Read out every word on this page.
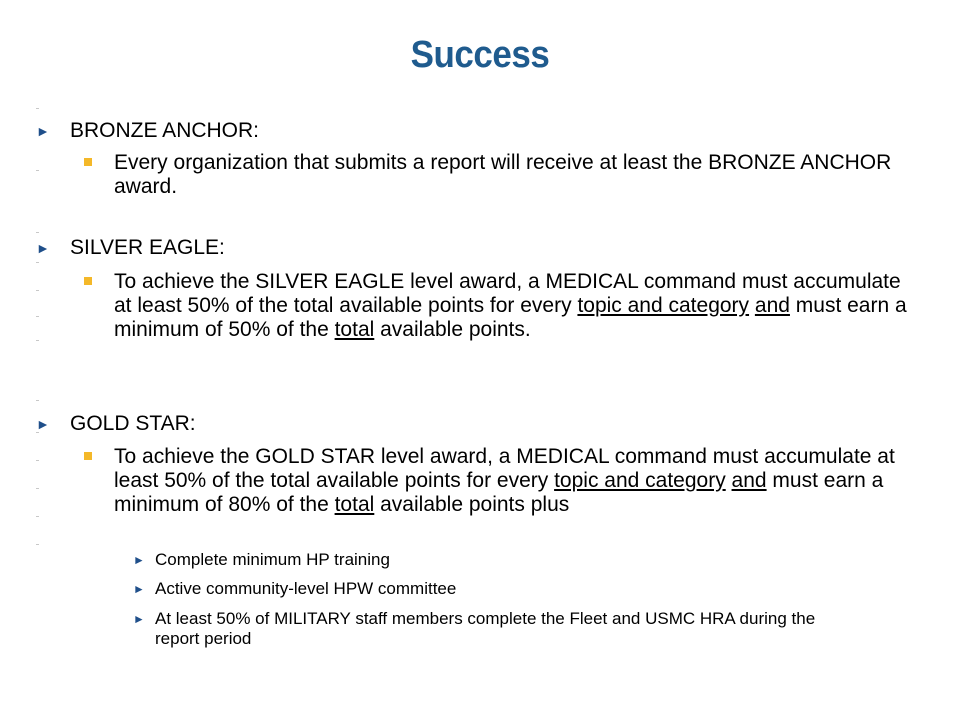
Success
► BRONZE ANCHOR:
Every organization that submits a report will receive at least the BRONZE ANCHOR award.
► SILVER EAGLE:
To achieve the SILVER EAGLE level award, a MEDICAL command must accumulate at least 50% of the total available points for every topic and category and must earn a minimum of 50% of the total available points.
► GOLD STAR:
To achieve the GOLD STAR level award, a MEDICAL command must accumulate at least 50% of the total available points for every topic and category and must earn a minimum of 80% of the total available points plus
► Complete minimum HP training
► Active community-level HPW committee
► At least 50% of MILITARY staff members complete the Fleet and USMC HRA during the report period
